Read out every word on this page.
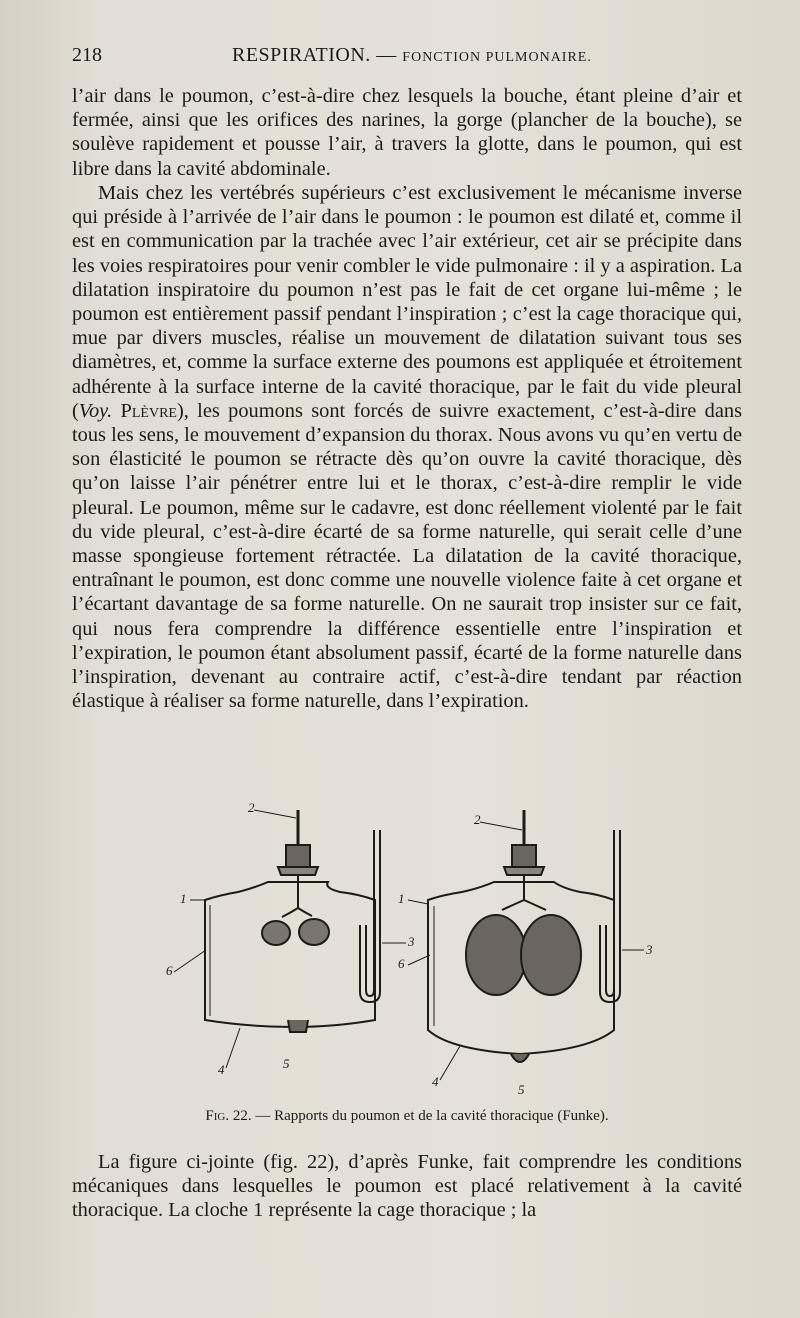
218	RESPIRATION. — FONCTION PULMONAIRE.

l’air dans le poumon, c’est-à-dire chez lesquels la bouche, étant pleine d’air et fermée, ainsi que les orifices des narines, la gorge (plancher de la bouche), se soulève rapidement et pousse l’air, à travers la glotte, dans le poumon, qui est libre dans la cavité abdominale.

Mais chez les vertébrés supérieurs c’est exclusivement le mécanisme inverse qui préside à l’arrivée de l’air dans le poumon : le poumon est dilaté et, comme il est en communication par la trachée avec l’air extérieur, cet air se précipite dans les voies respiratoires pour venir combler le vide pulmonaire : il y a aspiration. La dilatation inspiratoire du poumon n’est pas le fait de cet organe lui-même ; le poumon est entièrement passif pendant l’inspiration ; c’est la cage thoracique qui, mue par divers muscles, réalise un mouvement de dilatation suivant tous ses diamètres, et, comme la surface externe des poumons est appliquée et étroitement adhérente à la surface interne de la cavité thoracique, par le fait du vide pleural (Voy. Plèvre), les poumons sont forcés de suivre exactement, c’est-à-dire dans tous les sens, le mouvement d’expansion du thorax. Nous avons vu qu’en vertu de son élasticité le poumon se rétracte dès qu’on ouvre la cavité thoracique, dès qu’on laisse l’air pénétrer entre lui et le thorax, c’est-à-dire remplir le vide pleural. Le poumon, même sur le cadavre, est donc réellement violenté par le fait du vide pleural, c’est-à-dire écarté de sa forme naturelle, qui serait celle d’une masse spongieuse fortement rétractée. La dilatation de la cavité thoracique, entraînant le poumon, est donc comme une nouvelle violence faite à cet organe et l’écartant davantage de sa forme naturelle. On ne saurait trop insister sur ce fait, qui nous fera comprendre la différence essentielle entre l’inspiration et l’expiration, le poumon étant absolument passif, écarté de la forme naturelle dans l’inspiration, devenant au contraire actif, c’est-à-dire tendant par réaction élastique à réaliser sa forme naturelle, dans l’expiration.

2
1
6
3
4	5
2
1
6
3
4
5
Fig. 22. — Rapports du poumon et de la cavité thoracique (Funke).

La figure ci-jointe (fig. 22), d’après Funke, fait comprendre les conditions mécaniques dans lesquelles le poumon est placé relativement à la cavité thoracique. La cloche 1 représente la cage thoracique ; la
